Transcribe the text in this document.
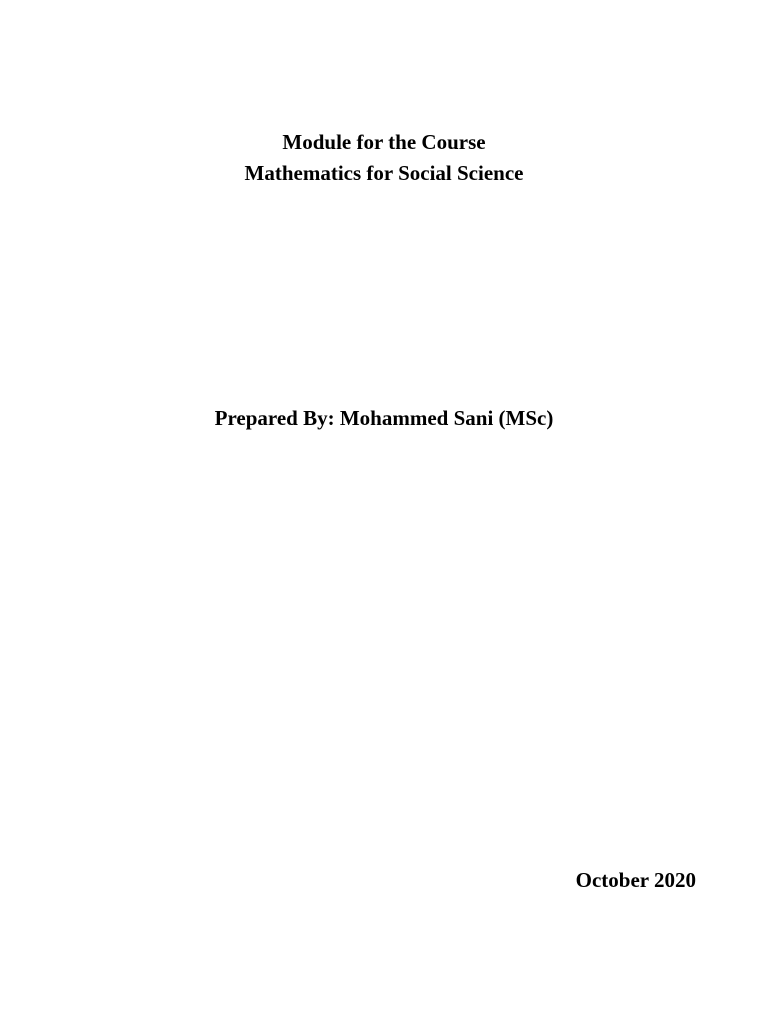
Module for the Course
Mathematics for Social Science
Prepared By: Mohammed Sani (MSc)
October 2020
